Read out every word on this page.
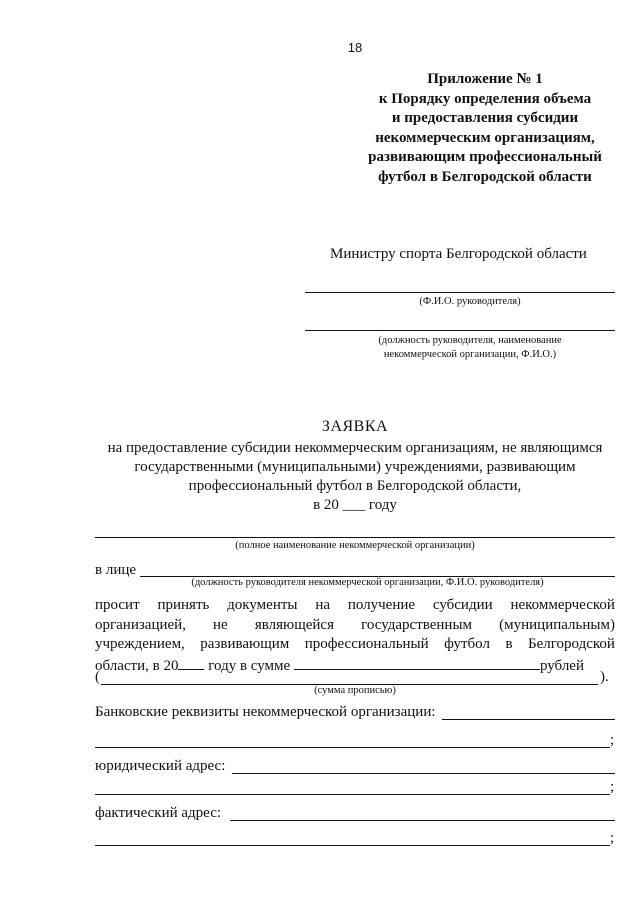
18
Приложение № 1
к Порядку определения объема
и предоставления субсидии
некоммерческим организациям,
развивающим профессиональный
футбол в Белгородской области
Министру спорта Белгородской области
(Ф.И.О. руководителя)
(должность руководителя, наименование
некоммерческой организации, Ф.И.О.)
ЗАЯВКА
на предоставление субсидии некоммерческим организациям, не являющимся
государственными (муниципальными) учреждениями, развивающим
профессиональный футбол в Белгородской области,
в 20 ___ году
(полное наименование некоммерческой организации)
в лице
(должность руководителя некоммерческой организации, Ф.И.О. руководителя)
просит принять документы на получение субсидии некоммерческой
организацией, не являющейся государственным (муниципальным)
учреждением, развивающим профессиональный футбол в Белгородской
области, в 20 году в сумме	рублей
(	).
(сумма прописью)
Банковские реквизиты некоммерческой организации:
;
юридический адрес:
;
фактический адрес:
;
